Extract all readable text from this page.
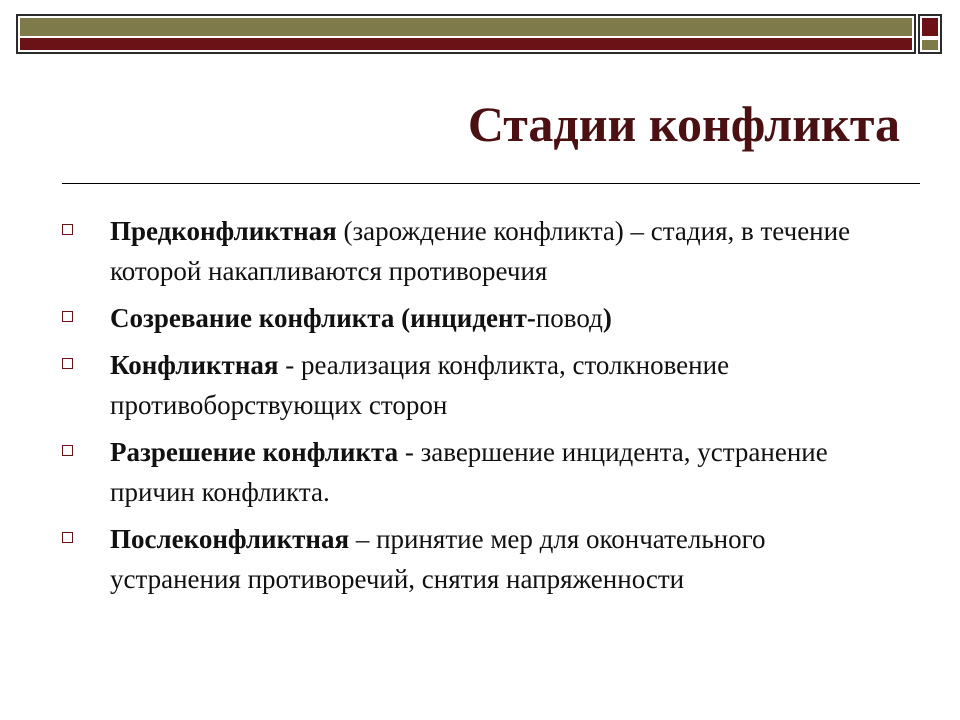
Стадии конфликта
Предконфликтная (зарождение конфликта) – стадия, в течение которой накапливаются противоречия
Созревание конфликта (инцидент-повод)
Конфликтная - реализация конфликта, столкновение противоборствующих сторон
Разрешение конфликта - завершение инцидента, устранение причин конфликта.
Послеконфликтная – принятие мер для окончательного устранения противоречий, снятия напряженности
